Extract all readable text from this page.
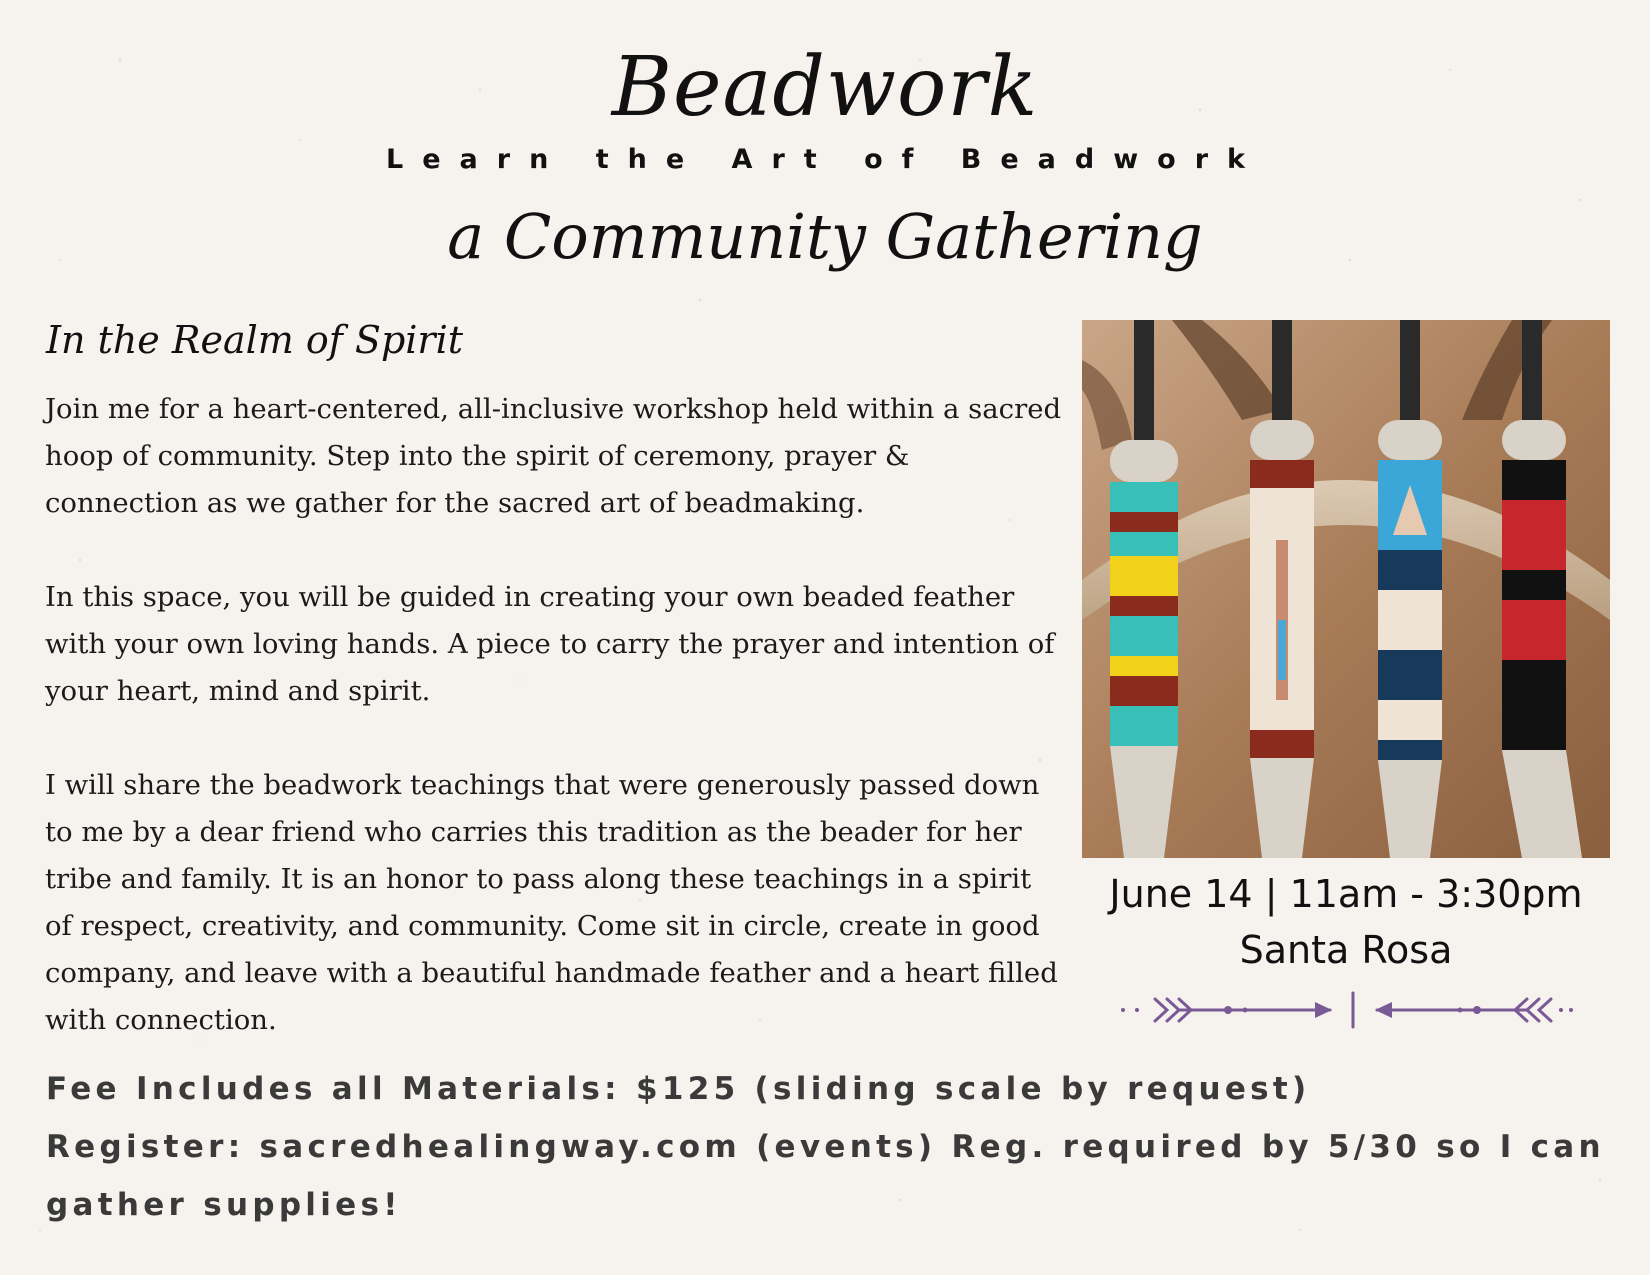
Beadwork
Learn the Art of Beadwork
a Community Gathering
In the Realm of Spirit

Join me for a heart-centered, all-inclusive workshop held within a sacred hoop of community. Step into the spirit of ceremony, prayer & connection as we gather for the sacred art of beadmaking.

In this space, you will be guided in creating your own beaded feather with your own loving hands. A piece to carry the prayer and intention of your heart, mind and spirit.

I will share the beadwork teachings that were generously passed down to me by a dear friend who carries this tradition as the beader for her tribe and family. It is an honor to pass along these teachings in a spirit of respect, creativity, and community. Come sit in circle, create in good company, and leave with a beautiful handmade feather and a heart filled with connection.

June 14 | 11am - 3:30pm
Santa Rosa
Fee Includes all Materials: $125 (sliding scale by request)
Register: sacredhealingway.com (events) Reg. required by 5/30 so I can gather supplies!
